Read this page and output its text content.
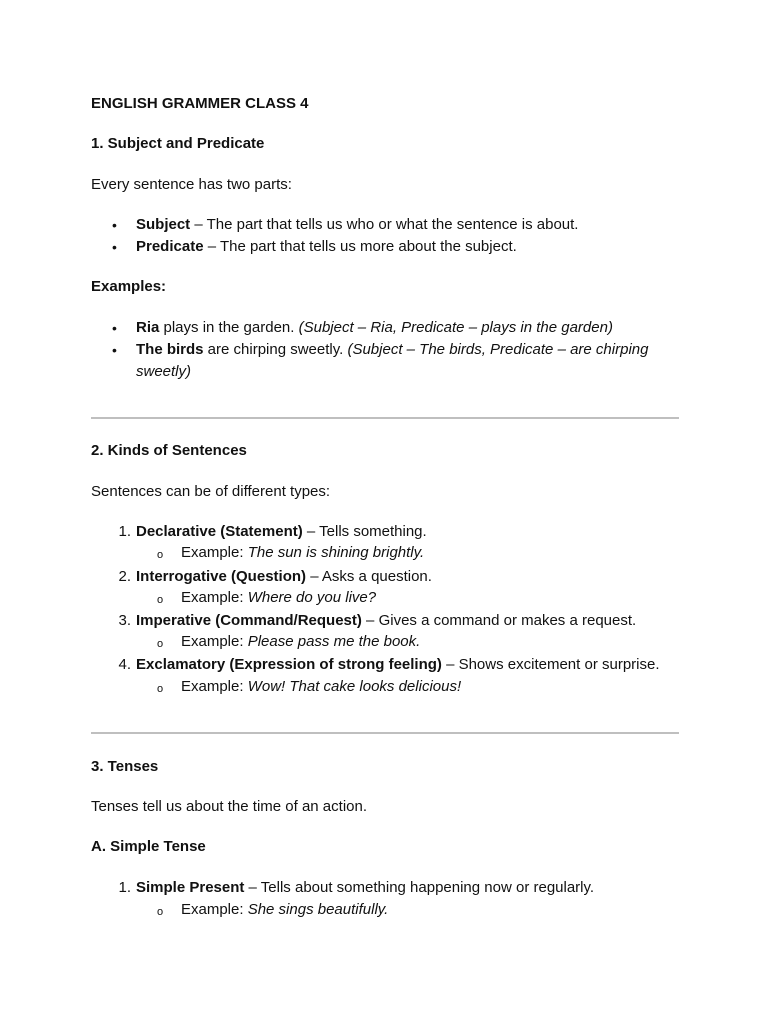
ENGLISH GRAMMER CLASS 4
1. Subject and Predicate
Every sentence has two parts:
• Subject – The part that tells us who or what the sentence is about.
• Predicate – The part that tells us more about the subject.
Examples:
• Ria plays in the garden. (Subject – Ria, Predicate – plays in the garden)
• The birds are chirping sweetly. (Subject – The birds, Predicate – are chirping
sweetly)
2. Kinds of Sentences
Sentences can be of different types:
1. Declarative (Statement) – Tells something.
o Example: The sun is shining brightly.
2. Interrogative (Question) – Asks a question.
o Example: Where do you live?
3. Imperative (Command/Request) – Gives a command or makes a request.
o Example: Please pass me the book.
4. Exclamatory (Expression of strong feeling) – Shows excitement or surprise.
o Example: Wow! That cake looks delicious!
3. Tenses
Tenses tell us about the time of an action.
A. Simple Tense
1. Simple Present – Tells about something happening now or regularly.
o Example: She sings beautifully.
